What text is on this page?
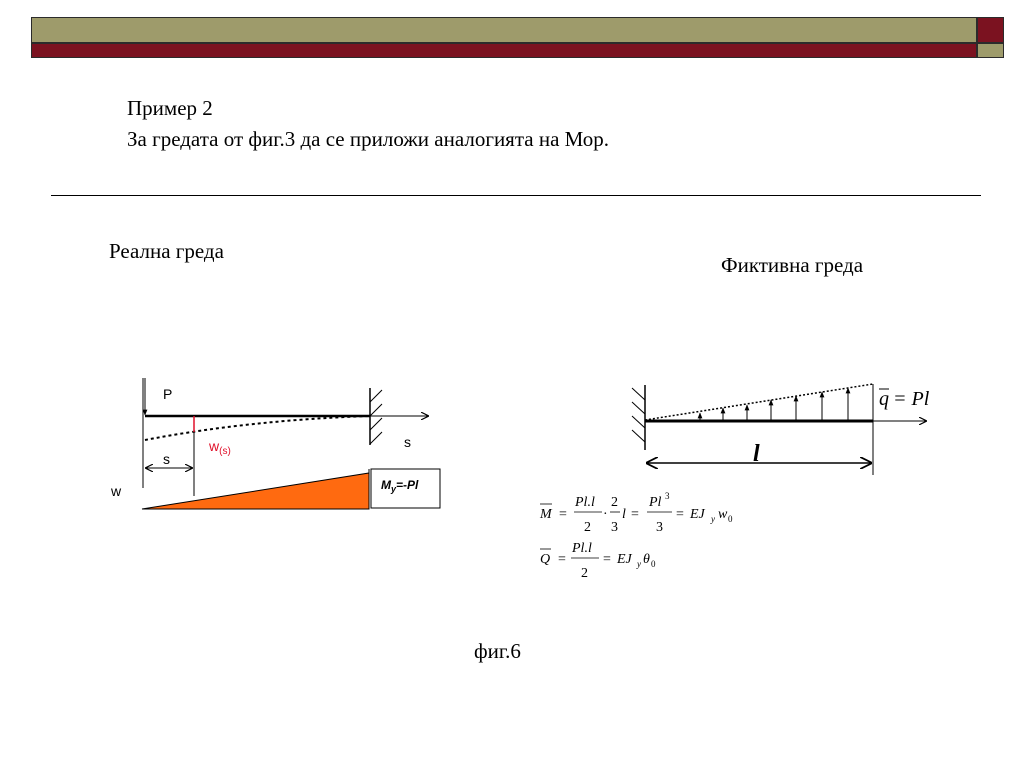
Пример 2
За гредата от фиг.3 да се приложи аналогията на Мор.
Реална греда
Фиктивна греда
фиг.6
P
s
w
s
$w_{(s)}$
$M_y=-Pl$
q = Pl
l
M =
Pl.l
2
·
2
3
l =
Pl 3
3
= EJ y w 0
Q =
Pl.l
2
= EJ y θ 0
